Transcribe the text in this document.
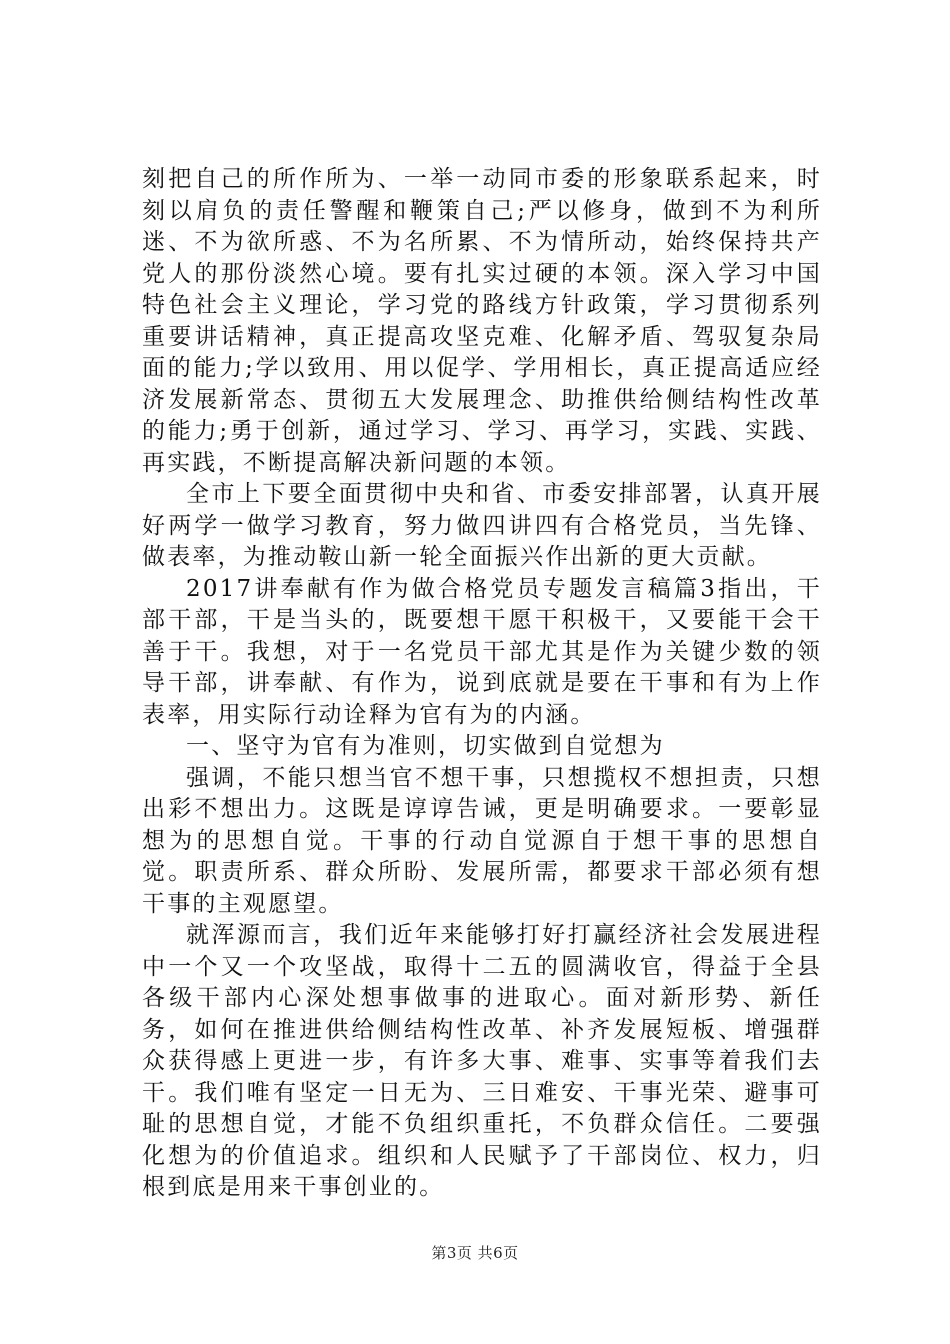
刻把自己的所作所为、一举一动同市委的形象联系起来，时刻以肩负的责任警醒和鞭策自己;严以修身，做到不为利所迷、不为欲所惑、不为名所累、不为情所动，始终保持共产党人的那份淡然心境。要有扎实过硬的本领。深入学习中国特色社会主义理论，学习党的路线方针政策，学习贯彻系列重要讲话精神，真正提高攻坚克难、化解矛盾、驾驭复杂局面的能力;学以致用、用以促学、学用相长，真正提高适应经济发展新常态、贯彻五大发展理念、助推供给侧结构性改革的能力;勇于创新，通过学习、学习、再学习，实践、实践、再实践，不断提高解决新问题的本领。

全市上下要全面贯彻中央和省、市委安排部署，认真开展好两学一做学习教育，努力做四讲四有合格党员，当先锋、做表率，为推动鞍山新一轮全面振兴作出新的更大贡献。

2017讲奉献有作为做合格党员专题发言稿篇3指出，干部干部，干是当头的，既要想干愿干积极干，又要能干会干善于干。我想，对于一名党员干部尤其是作为关键少数的领导干部，讲奉献、有作为，说到底就是要在干事和有为上作表率，用实际行动诠释为官有为的内涵。

一、坚守为官有为准则，切实做到自觉想为

强调，不能只想当官不想干事，只想揽权不想担责，只想出彩不想出力。这既是谆谆告诫，更是明确要求。一要彰显想为的思想自觉。干事的行动自觉源自于想干事的思想自觉。职责所系、群众所盼、发展所需，都要求干部必须有想干事的主观愿望。

就浑源而言，我们近年来能够打好打赢经济社会发展进程中一个又一个攻坚战，取得十二五的圆满收官，得益于全县各级干部内心深处想事做事的进取心。面对新形势、新任务，如何在推进供给侧结构性改革、补齐发展短板、增强群众获得感上更进一步，有许多大事、难事、实事等着我们去干。我们唯有坚定一日无为、三日难安、干事光荣、避事可耻的思想自觉，才能不负组织重托，不负群众信任。二要强化想为的价值追求。组织和人民赋予了干部岗位、权力，归根到底是用来干事创业的。

第3页 共6页
